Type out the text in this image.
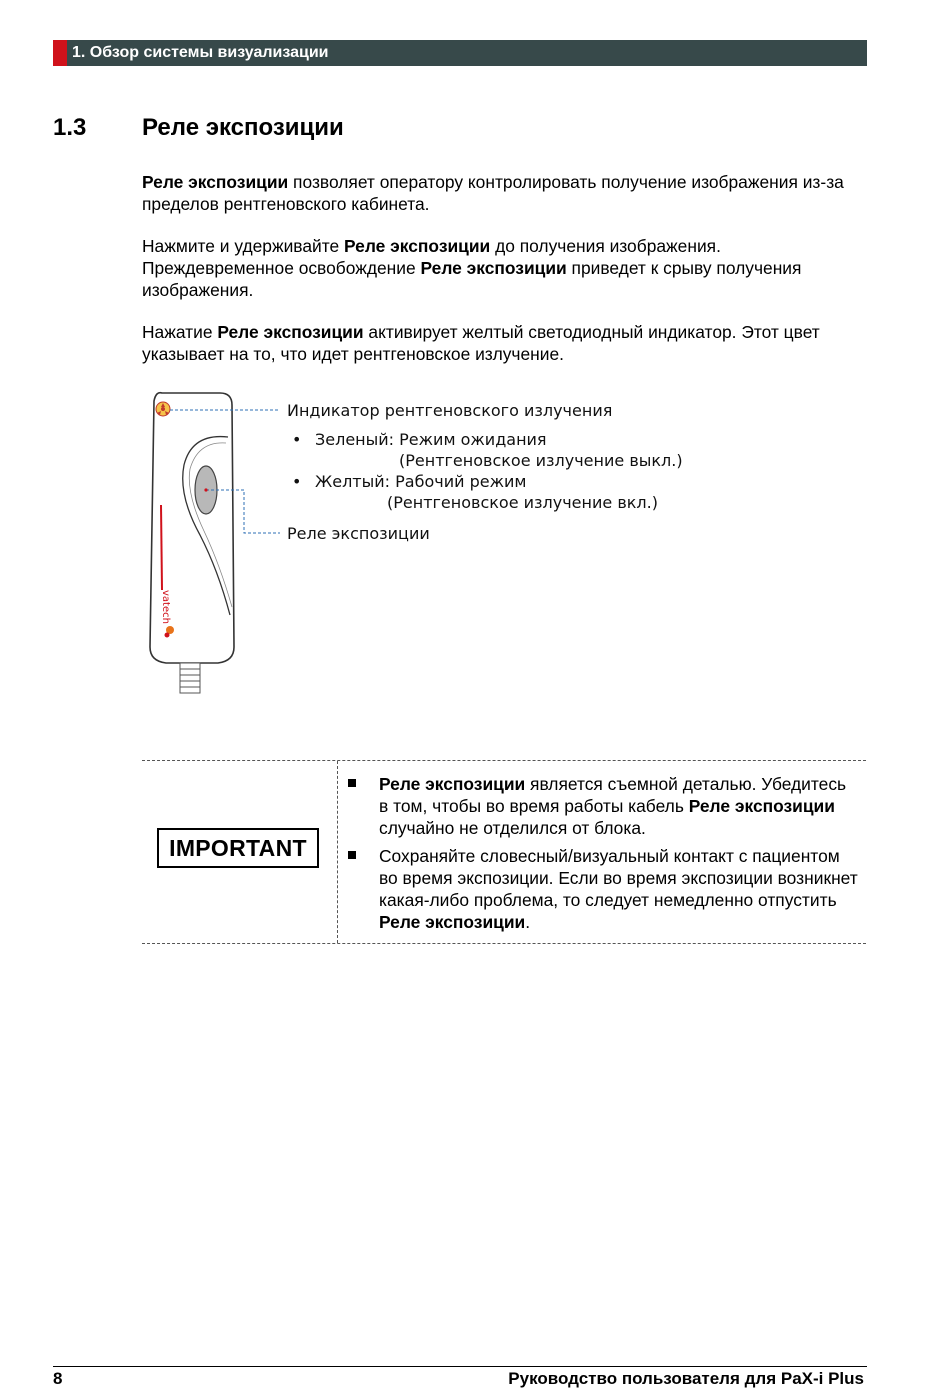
1. Обзор системы визуализации
1.3 Реле экспозиции

Реле экспозиции позволяет оператору контролировать получение изображения из-за пределов рентгеновского кабинета.

Нажмите и удерживайте Реле экспозиции до получения изображения. Преждевременное освобождение Реле экспозиции приведет к срыву получения изображения.

Нажатие Реле экспозиции активирует желтый светодиодный индикатор. Этот цвет указывает на то, что идет рентгеновское излучение.

vatech
Индикатор рентгеновского излучения
• Зеленый: Режим ожидания
(Рентгеновское излучение выкл.)
• Желтый: Рабочий режим
(Рентгеновское излучение вкл.)
Реле экспозиции
IMPORTANT

Реле экспозиции является съемной деталью. Убедитесь в том, чтобы во время работы кабель Реле экспозиции случайно не отделился от блока.

Сохраняйте словесный/визуальный контакт с пациентом во время экспозиции. Если во время экспозиции возникнет какая-либо проблема, то следует немедленно отпустить Реле экспозиции.

8	Руководство пользователя для PaX-i Plus
